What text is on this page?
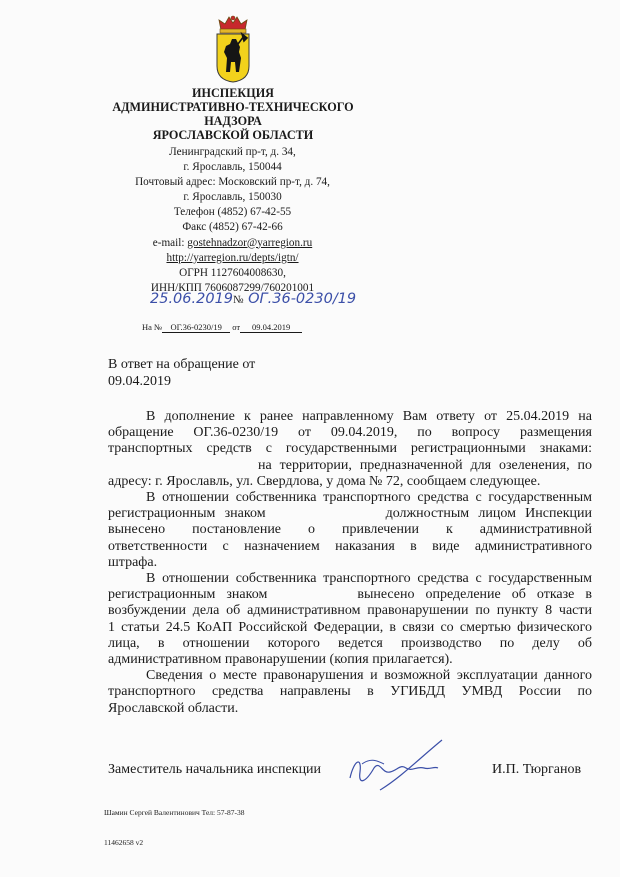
ИНСПЕКЦИЯ
АДМИНИСТРАТИВНО-ТЕХНИЧЕСКОГО
НАДЗОРА
ЯРОСЛАВСКОЙ ОБЛАСТИ
Ленинградский пр-т, д. 34,
г. Ярославль, 150044
Почтовый адрес: Московский пр-т, д. 74,
г. Ярославль, 150030
Телефон (4852) 67-42-55
Факс (4852) 67-42-66
e-mail: gostehnadzor@yarregion.ru
http://yarregion.ru/depts/igtn/
ОГРН 1127604008630,
ИНН/КПП 7606087299/760201001
25.06.2019№ ОГ.36-0230/19
На № ОГ.36-0230/19 от 09.04.2019
В ответ на обращение от
09.04.2019

В дополнение к ранее направленному Вам ответу от 25.04.2019 на
обращение ОГ.36-0230/19 от 09.04.2019, по вопросу размещения
транспортных средств с государственными регистрационными знаками:
на территории, предназначенной для озеленения, по
адресу: г. Ярославль, ул. Свердлова, у дома № 72, сообщаем следующее.

В отношении собственника транспортного средства с государственным
регистрационным знаком	должностным лицом Инспекции
вынесено постановление о привлечении к административной
ответственности с назначением наказания в виде административного
штрафа.

В отношении собственника транспортного средства с государственным
регистрационным знаком	вынесено определение об отказе в
возбуждении дела об административном правонарушении по пункту 8 части
1 статьи 24.5 КоАП Российской Федерации, в связи со смертью физического
лица, в отношении которого ведется производство по делу об
административном правонарушении (копия прилагается).

Сведения о месте правонарушения и возможной эксплуатации данного
транспортного средства направлены в УГИБДД УМВД России по
Ярославской области.

Заместитель начальника инспекции	И.П. Тюрганов
Шамин Сергей Валентинович Тел: 57-87-38
11462658 v2
